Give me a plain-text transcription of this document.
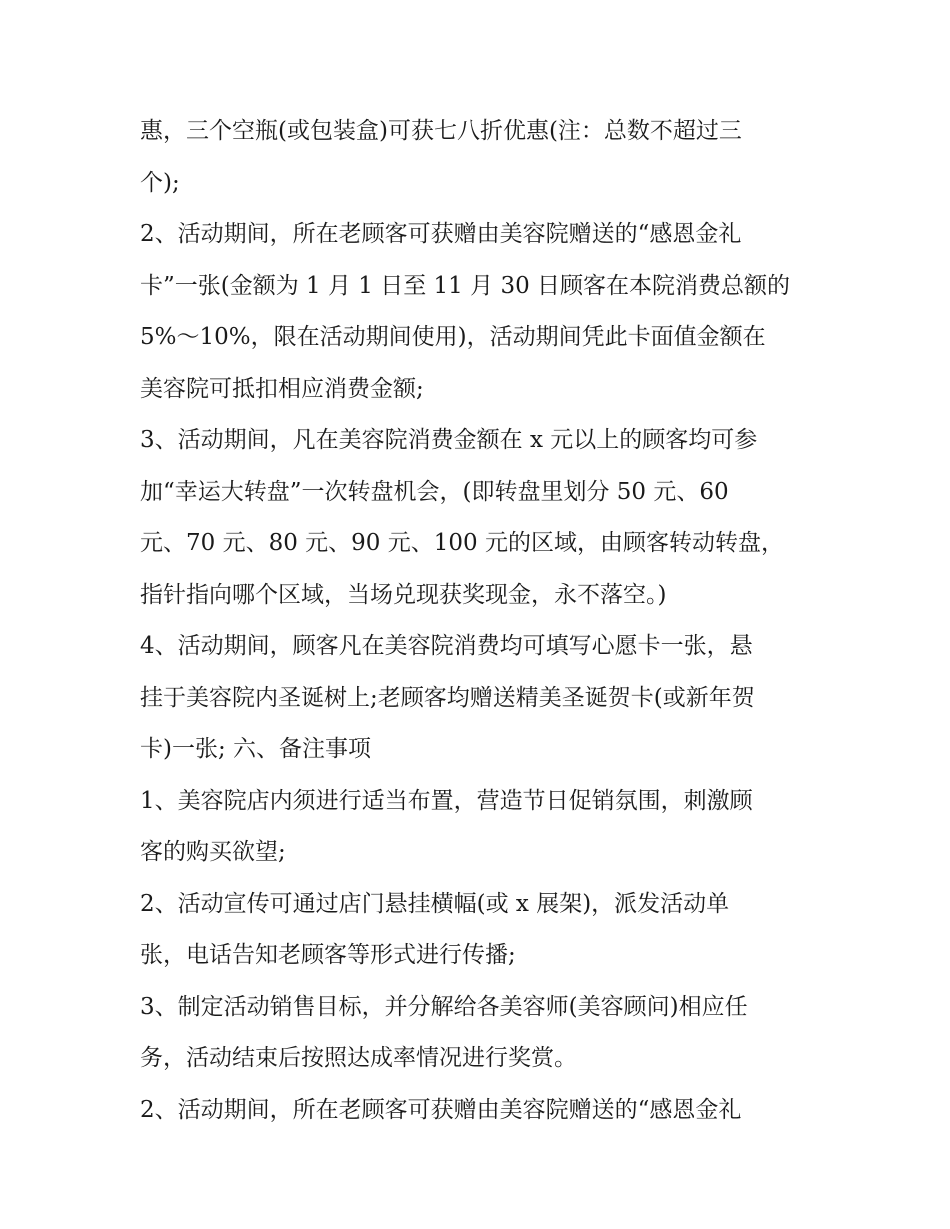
惠，三个空瓶(或包装盒)可获七八折优惠(注：总数不超过三
个);
2、活动期间，所在老顾客可获赠由美容院赠送的“感恩金礼
卡”一张(金额为 1 月 1 日至 11 月 30 日顾客在本院消费总额的
5%～10%，限在活动期间使用)，活动期间凭此卡面值金额在
美容院可抵扣相应消费金额;
3、活动期间，凡在美容院消费金额在 x 元以上的顾客均可参
加“幸运大转盘”一次转盘机会，(即转盘里划分 50 元、60
元、70 元、80 元、90 元、100 元的区域，由顾客转动转盘，
指针指向哪个区域，当场兑现获奖现金，永不落空。)
4、活动期间，顾客凡在美容院消费均可填写心愿卡一张，悬
挂于美容院内圣诞树上;老顾客均赠送精美圣诞贺卡(或新年贺
卡)一张; 六、备注事项
1、美容院店内须进行适当布置，营造节日促销氛围，刺激顾
客的购买欲望;
2、活动宣传可通过店门悬挂横幅(或 x 展架)，派发活动单
张，电话告知老顾客等形式进行传播;
3、制定活动销售目标，并分解给各美容师(美容顾问)相应任
务，活动结束后按照达成率情况进行奖赏。
2、活动期间，所在老顾客可获赠由美容院赠送的“感恩金礼
